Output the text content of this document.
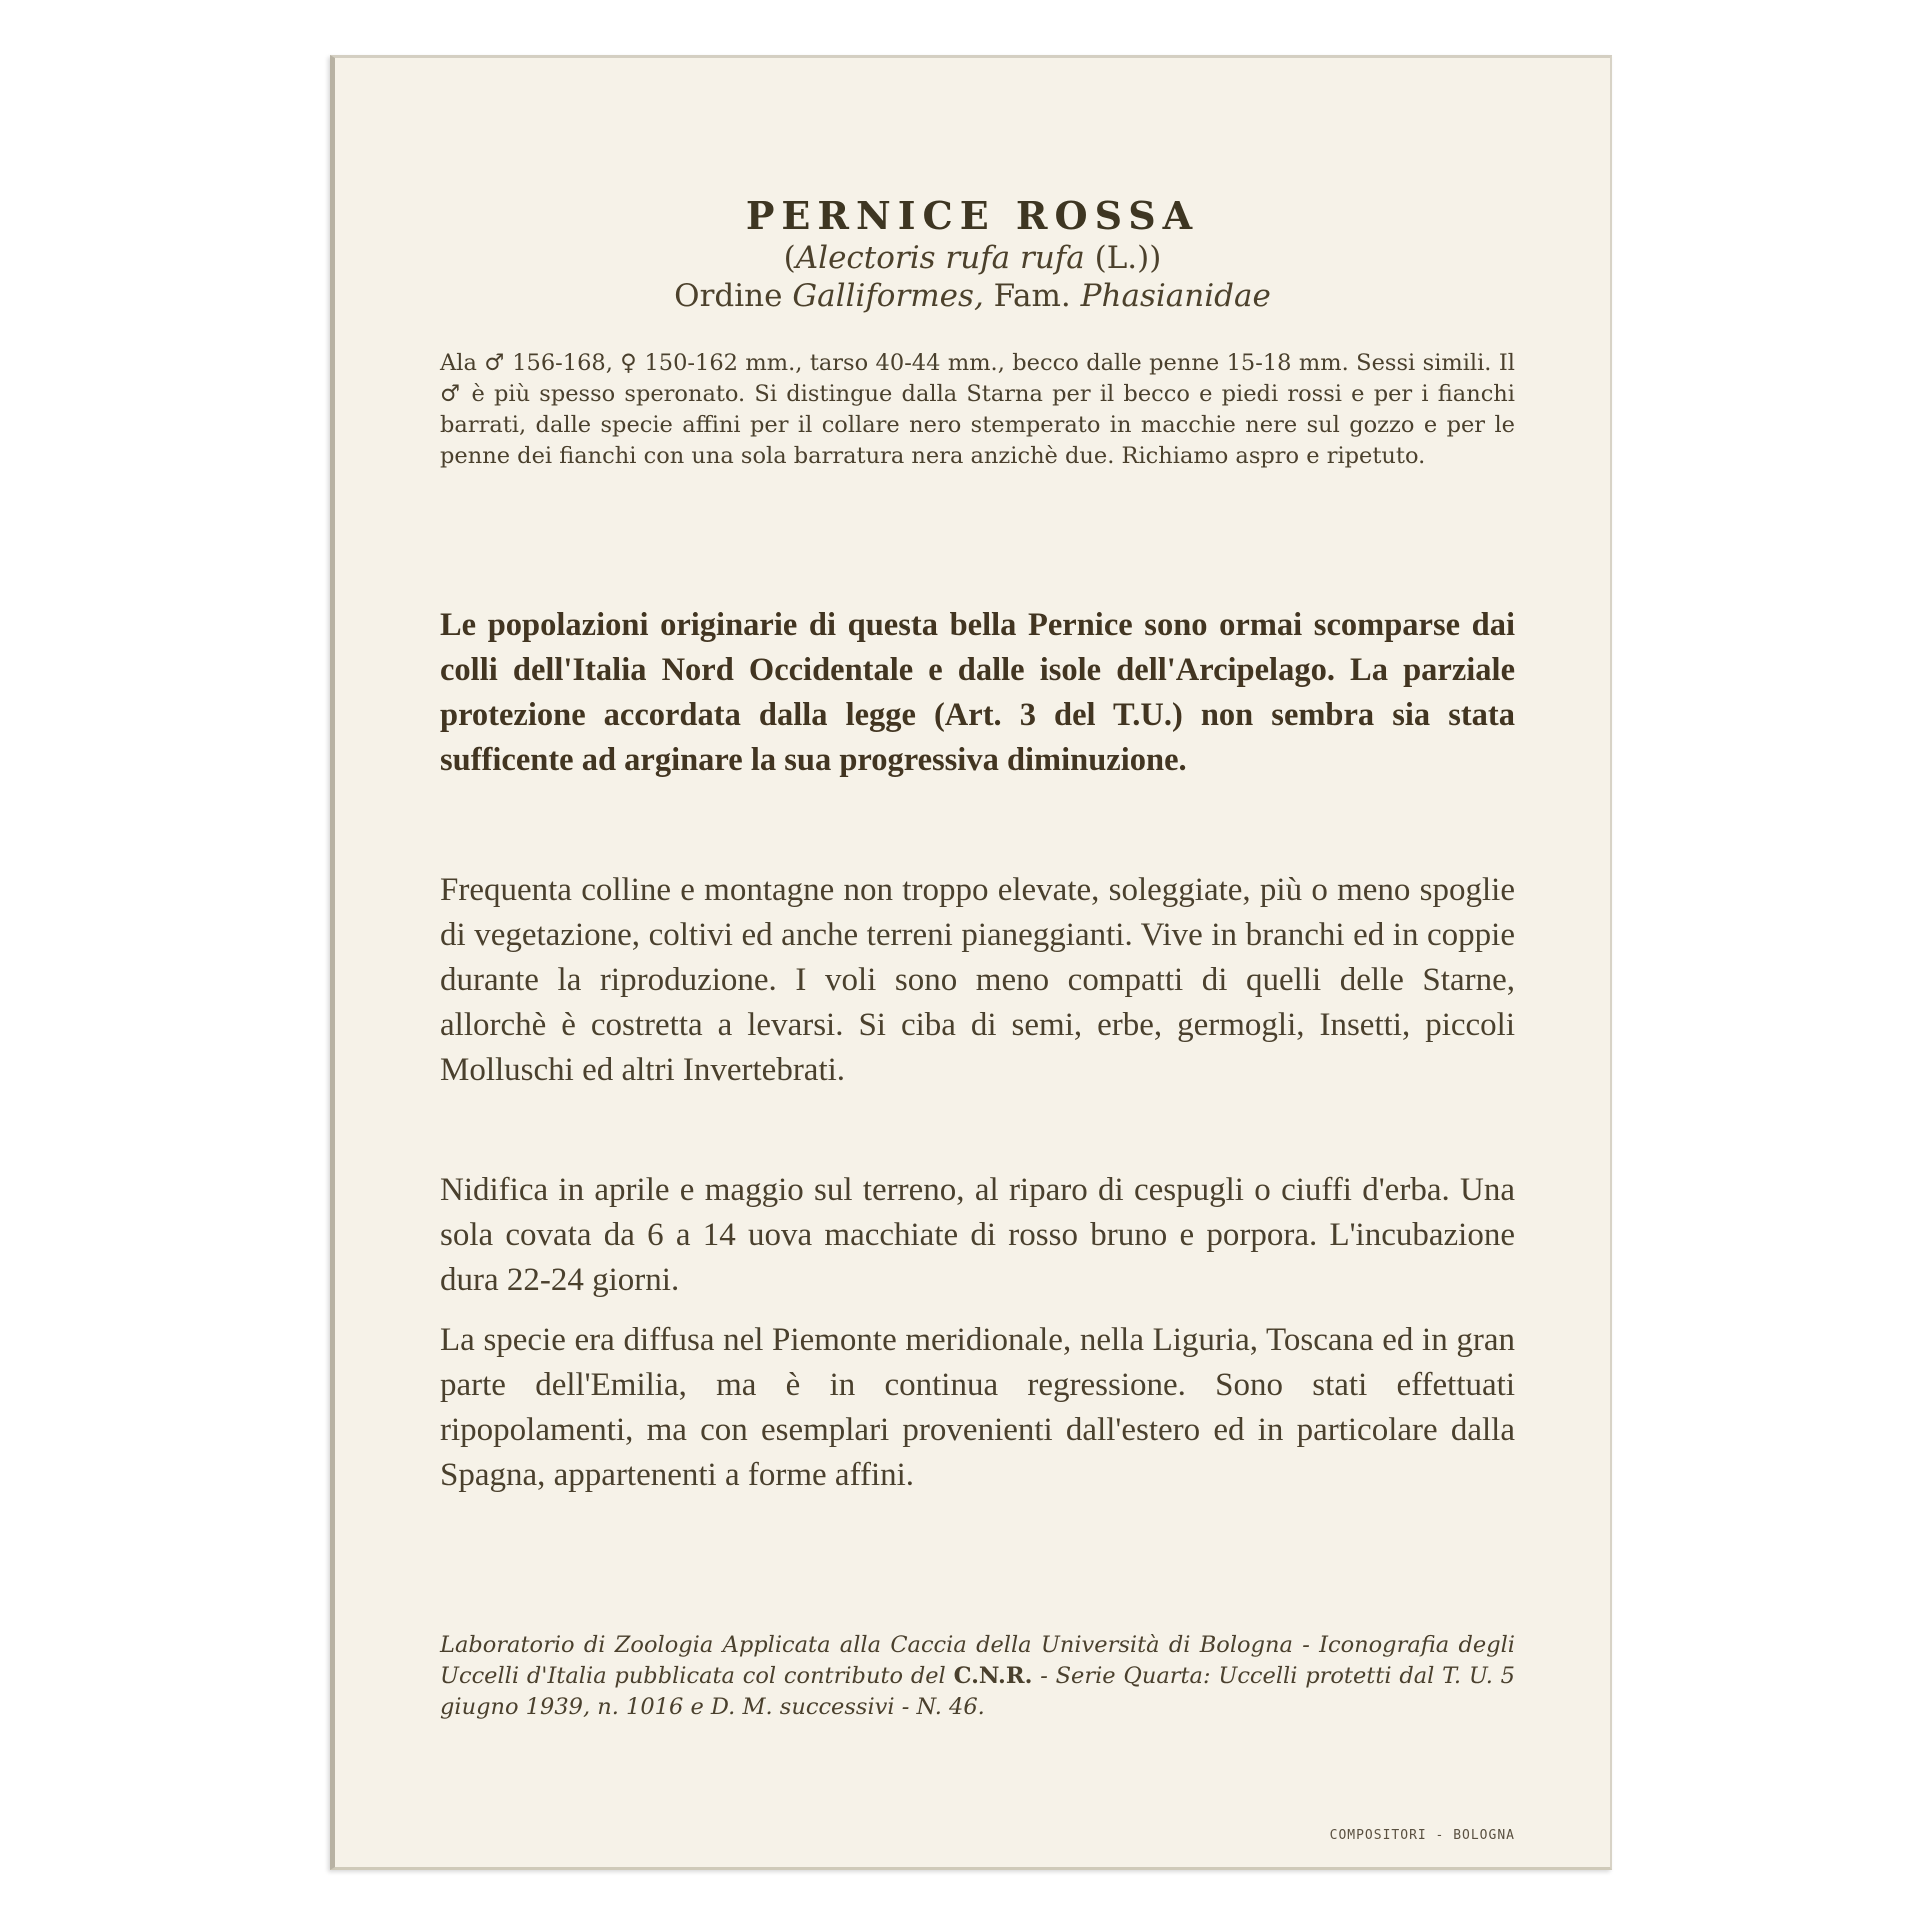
PERNICE ROSSA
(Alectoris rufa rufa (L.))
Ordine Galliformes, Fam. Phasianidae
Ala ♂ 156-168, ♀ 150-162 mm., tarso 40-44 mm., becco dalle penne 15-18 mm. Sessi simili. Il ♂ è più spesso speronato. Si distingue dalla Starna per il becco e piedi rossi e per i fianchi barrati, dalle specie affini per il collare nero stemperato in macchie nere sul gozzo e per le penne dei fianchi con una sola barratura nera anzichè due. Richiamo aspro e ripetuto.
Le popolazioni originarie di questa bella Pernice sono ormai scomparse dai colli dell'Italia Nord Occidentale e dalle isole dell'Arcipelago. La parziale protezione accordata dalla legge (Art. 3 del T.U.) non sembra sia stata sufficente ad arginare la sua progressiva diminuzione.
Frequenta colline e montagne non troppo elevate, soleggiate, più o meno spoglie di vegetazione, coltivi ed anche terreni pianeggianti. Vive in branchi ed in coppie durante la riproduzione. I voli sono meno compatti di quelli delle Starne, allorchè è costretta a levarsi. Si ciba di semi, erbe, germogli, Insetti, piccoli Molluschi ed altri Invertebrati.
Nidifica in aprile e maggio sul terreno, al riparo di cespugli o ciuffi d'erba. Una sola covata da 6 a 14 uova macchiate di rosso bruno e porpora. L'incubazione dura 22-24 giorni.
La specie era diffusa nel Piemonte meridionale, nella Liguria, Toscana ed in gran parte dell'Emilia, ma è in continua regressione. Sono stati effettuati ripopolamenti, ma con esemplari provenienti dall'estero ed in particolare dalla Spagna, appartenenti a forme affini.
Laboratorio di Zoologia Applicata alla Caccia della Università di Bologna - Iconografia degli Uccelli d'Italia pubblicata col contributo del C.N.R. - Serie Quarta: Uccelli protetti dal T. U. 5 giugno 1939, n. 1016 e D. M. successivi - N. 46.
COMPOSITORI - BOLOGNA
